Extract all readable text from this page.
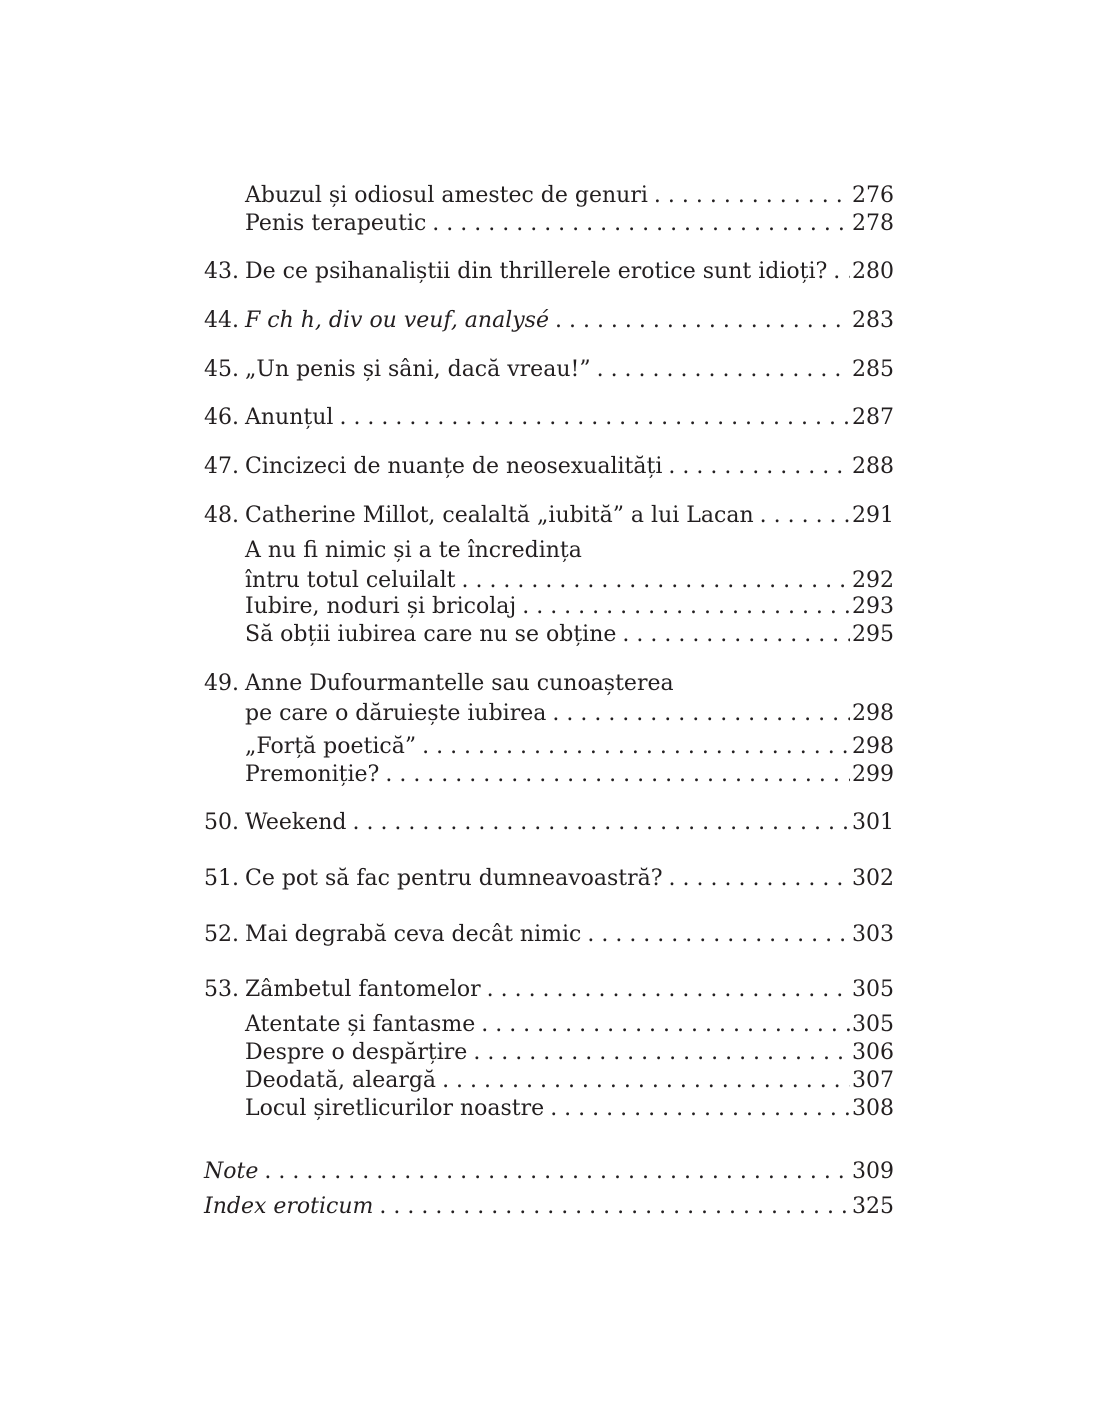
Abuzul și odiosul amestec de genuri . . .	276
Penis terapeutic . . .	278
43. De ce psihanaliștii din thrillerele erotice sunt idioți? . . . 280
44. F ch h, div ou veuf, analysé . . .	283
45. „Un penis și sâni, dacă vreau!” . . .	285
46. Anunțul . . .	287
47. Cincizeci de nuanțe de neosexualități . . .	288
48. Catherine Millot, cealaltă „iubită” a lui Lacan . . .	291
A nu fi nimic și a te încredința
întru totul celuilalt . . .	292
Iubire, noduri și bricolaj . . .	293
Să obții iubirea care nu se obține . . .	295
49. Anne Dufourmantelle sau cunoașterea
pe care o dăruiește iubirea . . .	298
„Forță poetică” . . .	298
Premoniție? . . .	299
50. Weekend . . .	301
51. Ce pot să fac pentru dumneavoastră? . . .	302
52. Mai degrabă ceva decât nimic . . .	303
53. Zâmbetul fantomelor . . .	305
Atentate și fantasme . . .	305
Despre o despărțire . . .	306
Deodată, aleargă . . .	307
Locul șiretlicurilor noastre . . .	308
Note . . .	309
Index eroticum . . .	325
